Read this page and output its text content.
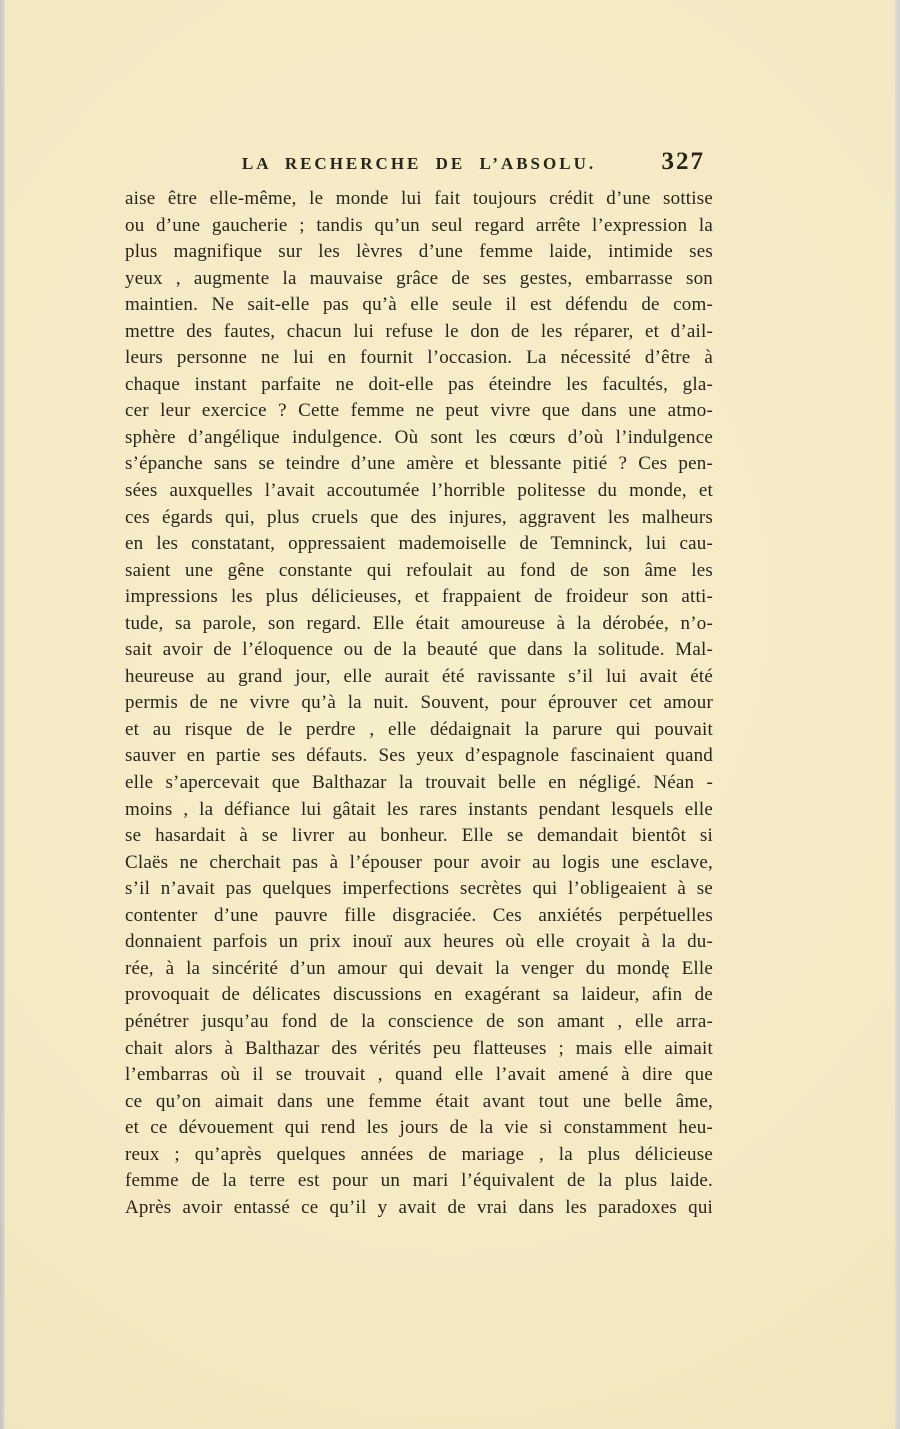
LA RECHERCHE DE L’ABSOLU.	327
aise être elle-même, le monde lui fait toujours crédit d’une sottise
ou d’une gaucherie ; tandis qu’un seul regard arrête l’expression la
plus magnifique sur les lèvres d’une femme laide, intimide ses
yeux , augmente la mauvaise grâce de ses gestes, embarrasse son
maintien. Ne sait-elle pas qu’à elle seule il est défendu de com-
mettre des fautes, chacun lui refuse le don de les réparer, et d’ail-
leurs personne ne lui en fournit l’occasion. La nécessité d’être à
chaque instant parfaite ne doit-elle pas éteindre les facultés, gla-
cer leur exercice ? Cette femme ne peut vivre que dans une atmo-
sphère d’angélique indulgence. Où sont les cœurs d’où l’indulgence
s’épanche sans se teindre d’une amère et blessante pitié ? Ces pen-
sées auxquelles l’avait accoutumée l’horrible politesse du monde, et
ces égards qui, plus cruels que des injures, aggravent les malheurs
en les constatant, oppressaient mademoiselle de Temninck, lui cau-
saient une gêne constante qui refoulait au fond de son âme les
impressions les plus délicieuses, et frappaient de froideur son atti-
tude, sa parole, son regard. Elle était amoureuse à la dérobée, n’o-
sait avoir de l’éloquence ou de la beauté que dans la solitude. Mal-
heureuse au grand jour, elle aurait été ravissante s’il lui avait été
permis de ne vivre qu’à la nuit. Souvent, pour éprouver cet amour
et au risque de le perdre , elle dédaignait la parure qui pouvait
sauver en partie ses défauts. Ses yeux d’espagnole fascinaient quand
elle s’apercevait que Balthazar la trouvait belle en négligé. Néan -
moins , la défiance lui gâtait les rares instants pendant lesquels elle
se hasardait à se livrer au bonheur. Elle se demandait bientôt si
Claës ne cherchait pas à l’épouser pour avoir au logis une esclave,
s’il n’avait pas quelques imperfections secrètes qui l’obligeaient à se
contenter d’une pauvre fille disgraciée. Ces anxiétés perpétuelles
donnaient parfois un prix inouï aux heures où elle croyait à la du-
rée, à la sincérité d’un amour qui devait la venger du mondę Elle
provoquait de délicates discussions en exagérant sa laideur, afin de
pénétrer jusqu’au fond de la conscience de son amant , elle arra-
chait alors à Balthazar des vérités peu flatteuses ; mais elle aimait
l’embarras où il se trouvait , quand elle l’avait amené à dire que
ce qu’on aimait dans une femme était avant tout une belle âme,
et ce dévouement qui rend les jours de la vie si constamment heu-
reux ; qu’après quelques années de mariage , la plus délicieuse
femme de la terre est pour un mari l’équivalent de la plus laide.
Après avoir entassé ce qu’il y avait de vrai dans les paradoxes qui
